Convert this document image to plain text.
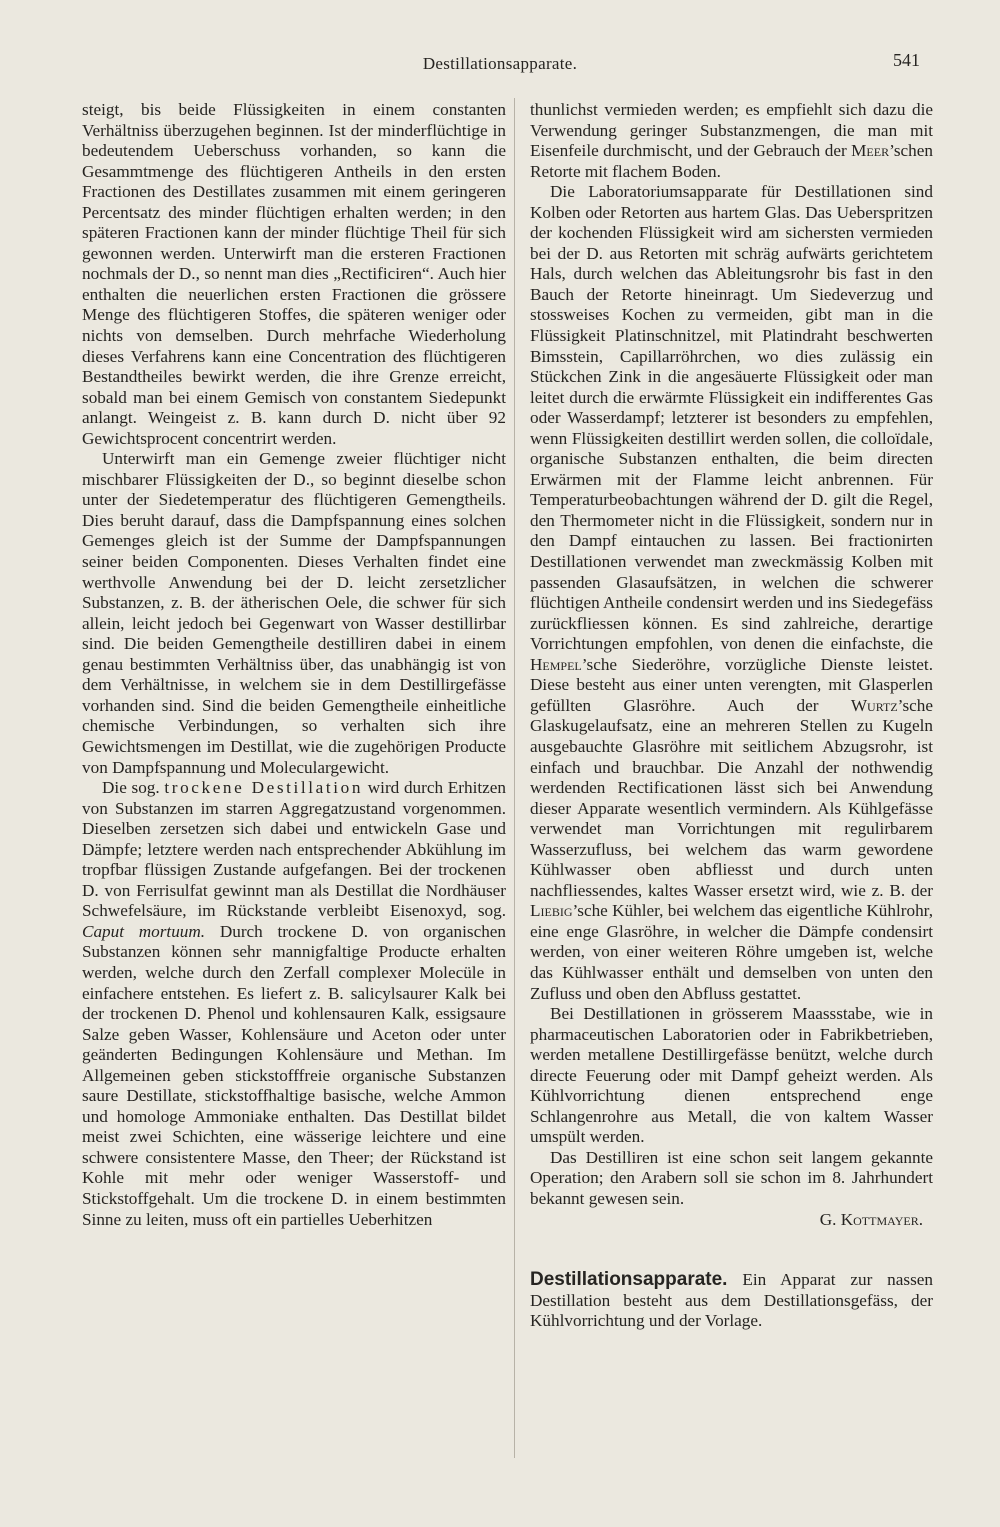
Destillationsapparate.	541

steigt, bis beide Flüssigkeiten in einem constanten Verhältniss überzugehen beginnen. Ist der minderflüchtige in bedeutendem Ueberschuss vorhanden, so kann die Gesammtmenge des flüchtigeren Antheils in den ersten Fractionen des Destillates zusammen mit einem geringeren Percentsatz des minder flüchtigen erhalten werden; in den späteren Fractionen kann der minder flüchtige Theil für sich gewonnen werden. Unterwirft man die ersteren Fractionen nochmals der D., so nennt man dies „Rectificiren“. Auch hier enthalten die neuerlichen ersten Fractionen die grössere Menge des flüchtigeren Stoffes, die späteren weniger oder nichts von demselben. Durch mehrfache Wiederholung dieses Verfahrens kann eine Concentration des flüchtigeren Bestandtheiles bewirkt werden, die ihre Grenze erreicht, sobald man bei einem Gemisch von constantem Siedepunkt anlangt. Weingeist z. B. kann durch D. nicht über 92 Gewichtsprocent concentrirt werden.

Unterwirft man ein Gemenge zweier flüchtiger nicht mischbarer Flüssigkeiten der D., so beginnt dieselbe schon unter der Siedetemperatur des flüchtigeren Gemengtheils. Dies beruht darauf, dass die Dampfspannung eines solchen Gemenges gleich ist der Summe der Dampfspannungen seiner beiden Componenten. Dieses Verhalten findet eine werthvolle Anwendung bei der D. leicht zersetzlicher Substanzen, z. B. der ätherischen Oele, die schwer für sich allein, leicht jedoch bei Gegenwart von Wasser destillirbar sind. Die beiden Gemengtheile destilliren dabei in einem genau bestimmten Verhältniss über, das unabhängig ist von dem Verhältnisse, in welchem sie in dem Destillirgefässe vorhanden sind. Sind die beiden Gemengtheile einheitliche chemische Verbindungen, so verhalten sich ihre Gewichtsmengen im Destillat, wie die zugehörigen Producte von Dampfspannung und Moleculargewicht.

Die sog. trockene Destillation wird durch Erhitzen von Substanzen im starren Aggregatzustand vorgenommen. Dieselben zersetzen sich dabei und entwickeln Gase und Dämpfe; letztere werden nach entsprechender Abkühlung im tropfbar flüssigen Zustande aufgefangen. Bei der trockenen D. von Ferrisulfat gewinnt man als Destillat die Nordhäuser Schwefelsäure, im Rückstande verbleibt Eisenoxyd, sog. Caput mortuum. Durch trockene D. von organischen Substanzen können sehr mannigfaltige Producte erhalten werden, welche durch den Zerfall complexer Molecüle in einfachere entstehen. Es liefert z. B. salicylsaurer Kalk bei der trockenen D. Phenol und kohlensauren Kalk, essigsaure Salze geben Wasser, Kohlensäure und Aceton oder unter geänderten Bedingungen Kohlensäure und Methan. Im Allgemeinen geben stickstofffreie organische Substanzen saure Destillate, stickstoffhaltige basische, welche Ammon und homologe Ammoniake enthalten. Das Destillat bildet meist zwei Schichten, eine wässerige leichtere und eine schwere consistentere Masse, den Theer; der Rückstand ist Kohle mit mehr oder weniger Wasserstoff- und Stickstoffgehalt. Um die trockene D. in einem bestimmten Sinne zu leiten, muss oft ein partielles Ueberhitzen

thunlichst vermieden werden; es empfiehlt sich dazu die Verwendung geringer Substanzmengen, die man mit Eisenfeile durchmischt, und der Gebrauch der Meer’schen Retorte mit flachem Boden.

Die Laboratoriumsapparate für Destillationen sind Kolben oder Retorten aus hartem Glas. Das Ueberspritzen der kochenden Flüssigkeit wird am sichersten vermieden bei der D. aus Retorten mit schräg aufwärts gerichtetem Hals, durch welchen das Ableitungsrohr bis fast in den Bauch der Retorte hineinragt. Um Siedeverzug und stossweises Kochen zu vermeiden, gibt man in die Flüssigkeit Platinschnitzel, mit Platindraht beschwerten Bimsstein, Capillarröhrchen, wo dies zulässig ein Stückchen Zink in die angesäuerte Flüssigkeit oder man leitet durch die erwärmte Flüssigkeit ein indifferentes Gas oder Wasserdampf; letzterer ist besonders zu empfehlen, wenn Flüssigkeiten destillirt werden sollen, die colloïdale, organische Substanzen enthalten, die beim directen Erwärmen mit der Flamme leicht anbrennen. Für Temperaturbeobachtungen während der D. gilt die Regel, den Thermometer nicht in die Flüssigkeit, sondern nur in den Dampf eintauchen zu lassen. Bei fractionirten Destillationen verwendet man zweckmässig Kolben mit passenden Glasaufsätzen, in welchen die schwerer flüchtigen Antheile condensirt werden und ins Siedegefäss zurückfliessen können. Es sind zahlreiche, derartige Vorrichtungen empfohlen, von denen die einfachste, die Hempel’sche Siederöhre, vorzügliche Dienste leistet. Diese besteht aus einer unten verengten, mit Glasperlen gefüllten Glasröhre. Auch der Wurtz’sche Glaskugelaufsatz, eine an mehreren Stellen zu Kugeln ausgebauchte Glasröhre mit seitlichem Abzugsrohr, ist einfach und brauchbar. Die Anzahl der nothwendig werdenden Rectificationen lässt sich bei Anwendung dieser Apparate wesentlich vermindern. Als Kühlgefässe verwendet man Vorrichtungen mit regulirbarem Wasserzufluss, bei welchem das warm gewordene Kühlwasser oben abfliesst und durch unten nachfliessendes, kaltes Wasser ersetzt wird, wie z. B. der Liebig’sche Kühler, bei welchem das eigentliche Kühlrohr, eine enge Glasröhre, in welcher die Dämpfe condensirt werden, von einer weiteren Röhre umgeben ist, welche das Kühlwasser enthält und demselben von unten den Zufluss und oben den Abfluss gestattet.

Bei Destillationen in grösserem Maassstabe, wie in pharmaceutischen Laboratorien oder in Fabrikbetrieben, werden metallene Destillirgefässe benützt, welche durch directe Feuerung oder mit Dampf geheizt werden. Als Kühlvorrichtung dienen entsprechend enge Schlangenrohre aus Metall, die von kaltem Wasser umspült werden.

Das Destilliren ist eine schon seit langem gekannte Operation; den Arabern soll sie schon im 8. Jahrhundert bekannt gewesen sein.

G. Kottmayer.

Destillationsapparate. Ein Apparat zur nassen Destillation besteht aus dem Destillationsgefäss, der Kühlvorrichtung und der Vorlage.
